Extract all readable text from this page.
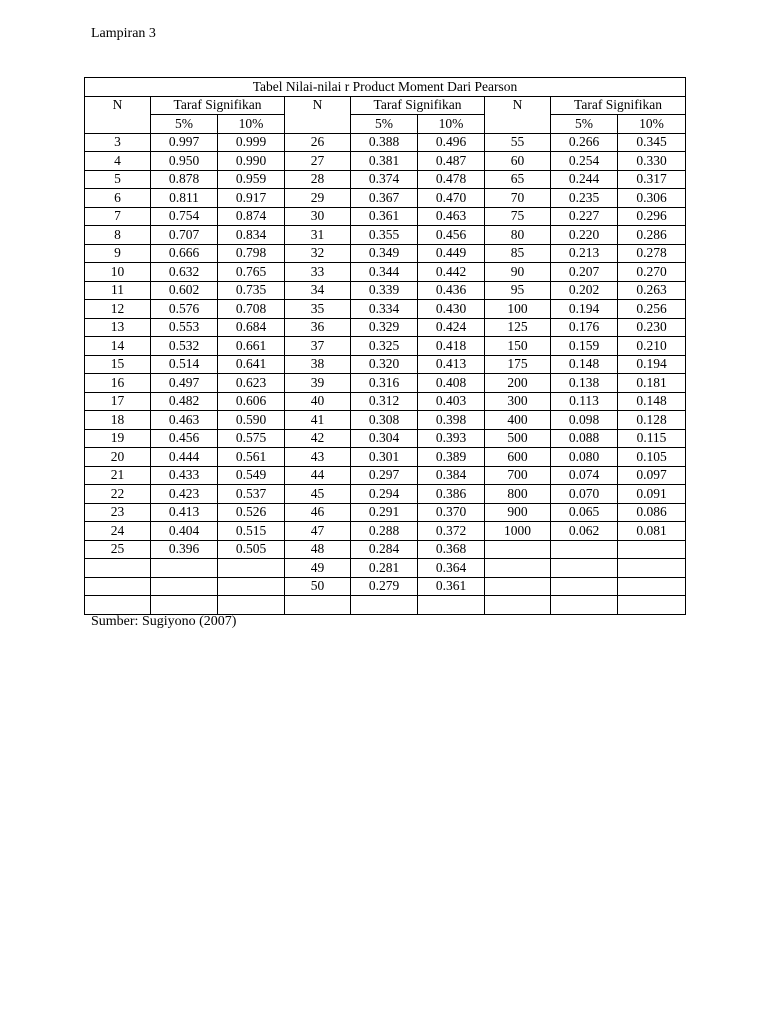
Lampiran 3
Tabel Nilai-nilai r Product Moment Dari Pearson								
N	Taraf Signifikan		N	Taraf Signifikan		N	Taraf Signifikan	
	5%	10%		5%	10%		5%	10%
3	0.997	0.999	26	0.388	0.496	55	0.266	0.345
4	0.950	0.990	27	0.381	0.487	60	0.254	0.330
5	0.878	0.959	28	0.374	0.478	65	0.244	0.317
6	0.811	0.917	29	0.367	0.470	70	0.235	0.306
7	0.754	0.874	30	0.361	0.463	75	0.227	0.296
8	0.707	0.834	31	0.355	0.456	80	0.220	0.286
9	0.666	0.798	32	0.349	0.449	85	0.213	0.278
10	0.632	0.765	33	0.344	0.442	90	0.207	0.270
11	0.602	0.735	34	0.339	0.436	95	0.202	0.263
12	0.576	0.708	35	0.334	0.430	100	0.194	0.256
13	0.553	0.684	36	0.329	0.424	125	0.176	0.230
14	0.532	0.661	37	0.325	0.418	150	0.159	0.210
15	0.514	0.641	38	0.320	0.413	175	0.148	0.194
16	0.497	0.623	39	0.316	0.408	200	0.138	0.181
17	0.482	0.606	40	0.312	0.403	300	0.113	0.148
18	0.463	0.590	41	0.308	0.398	400	0.098	0.128
19	0.456	0.575	42	0.304	0.393	500	0.088	0.115
20	0.444	0.561	43	0.301	0.389	600	0.080	0.105
21	0.433	0.549	44	0.297	0.384	700	0.074	0.097
22	0.423	0.537	45	0.294	0.386	800	0.070	0.091
23	0.413	0.526	46	0.291	0.370	900	0.065	0.086
24	0.404	0.515	47	0.288	0.372	1000	0.062	0.081
25	0.396	0.505	48	0.284	0.368			
			49	0.281	0.364			
			50	0.279	0.361			

Sumber: Sugiyono (2007)
